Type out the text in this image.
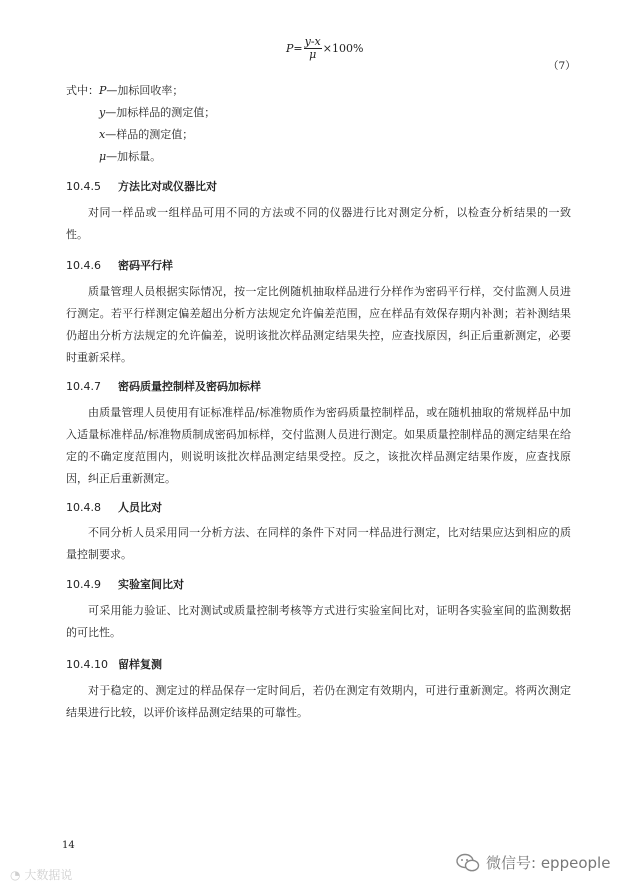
$P= \frac{y-x}{\mu} \times 100\%$
（7）
式中：P—加标回收率；
y—加标样品的测定值；
x—样品的测定值；
μ—加标量。
10.4.5 方法比对或仪器比对
对同一样品或一组样品可用不同的方法或不同的仪器进行比对测定分析，以检查分析结果的一致性。
10.4.6 密码平行样
质量管理人员根据实际情况，按一定比例随机抽取样品进行分样作为密码平行样，交付监测人员进行测定。若平行样测定偏差超出分析方法规定允许偏差范围，应在样品有效保存期内补测；若补测结果仍超出分析方法规定的允许偏差，说明该批次样品测定结果失控，应查找原因，纠正后重新测定，必要时重新采样。
10.4.7 密码质量控制样及密码加标样
由质量管理人员使用有证标准样品/标准物质作为密码质量控制样品，或在随机抽取的常规样品中加入适量标准样品/标准物质制成密码加标样，交付监测人员进行测定。如果质量控制样品的测定结果在给定的不确定度范围内，则说明该批次样品测定结果受控。反之，该批次样品测定结果作废，应查找原因，纠正后重新测定。
10.4.8 人员比对
不同分析人员采用同一分析方法、在同样的条件下对同一样品进行测定，比对结果应达到相应的质量控制要求。
10.4.9 实验室间比对
可采用能力验证、比对测试或质量控制考核等方式进行实验室间比对，证明各实验室间的监测数据的可比性。
10.4.10 留样复测
对于稳定的、测定过的样品保存一定时间后，若仍在测定有效期内，可进行重新测定。将两次测定结果进行比较，以评价该样品测定结果的可靠性。
14
◔ 大数据说
微信号: eppeople
